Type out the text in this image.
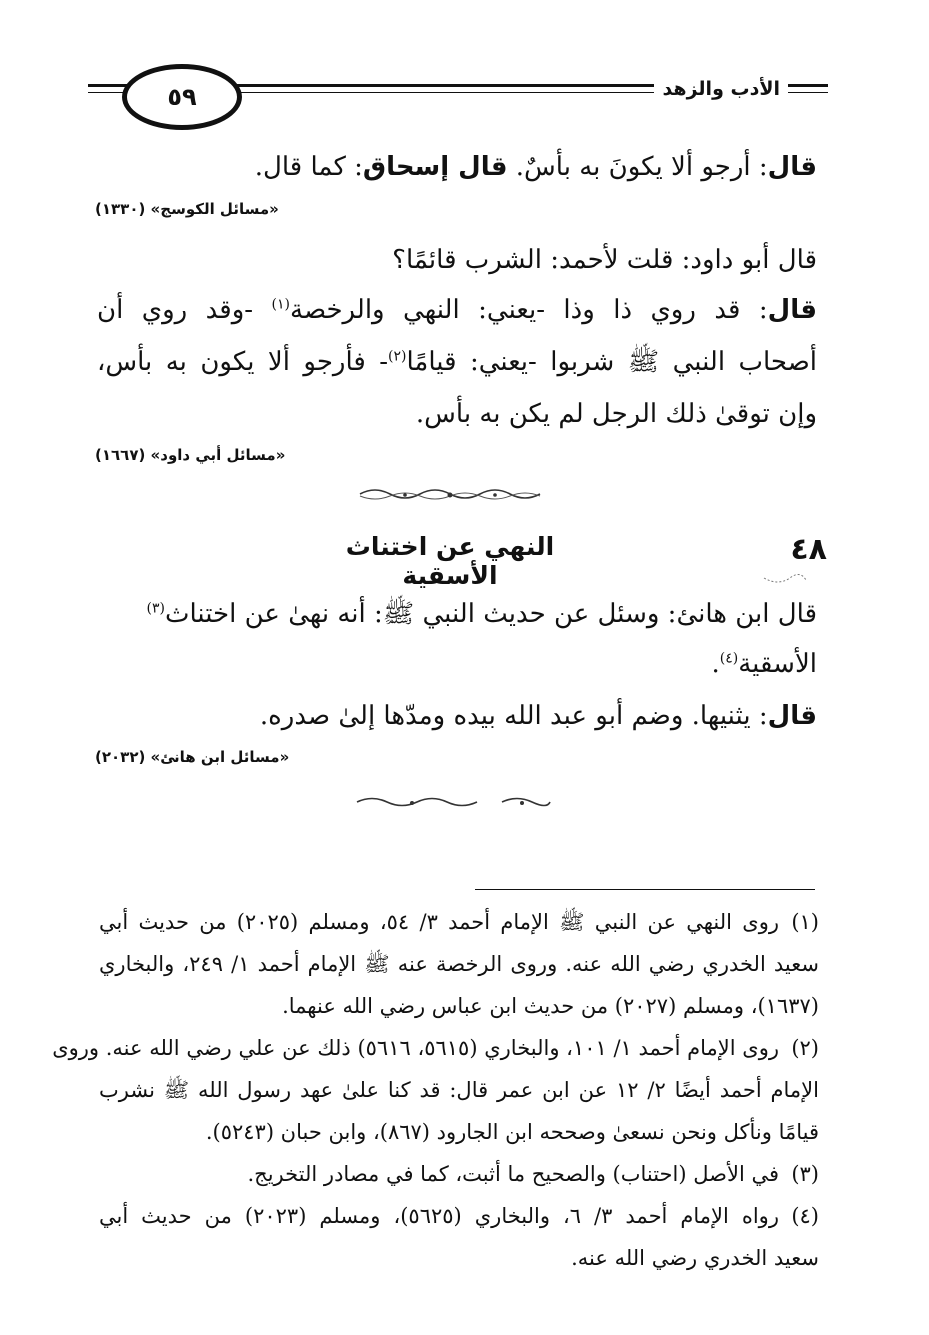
٥٩	الأدب والزهد
قال: أرجو ألا يكونَ به بأسٌ. قال إسحاق: كما قال.
«مسائل الكوسج» (١٣٣٠)
قال أبو داود: قلت لأحمد: الشرب قائمًا؟
قال: قد روي ذا وذا -يعني: النهي والرخصة$^{(١)}$ -وقد روي أن
أصحاب النبي ﷺ شربوا -يعني: قيامًا$^{(٢)}$- فأرجو ألا يكون به بأس،
وإن توقىٰ ذلك الرجل لم يكن به بأس.
«مسائل أبي داود» (١٦٦٧)
٤٨
النهي عن اختناث الأسقية
قال ابن هانئ: وسئل عن حديث النبي ﷺ: أنه نهىٰ عن اختناث$^{(٣)}$
الأسقية$^{(٤)}$.
قال: يثنيها. وضم أبو عبد الله بيده ومدّها إلىٰ صدره.
«مسائل ابن هانئ» (٢٠٣٢)
(١)
روى النهي عن النبي ﷺ الإمام أحمد ٣/ ٥٤، ومسلم (٢٠٢٥) من حديث أبي
سعيد الخدري رضي الله عنه. وروى الرخصة عنه ﷺ الإمام أحمد ١/ ٢٤٩، والبخاري
(١٦٣٧)، ومسلم (٢٠٢٧) من حديث ابن عباس رضي الله عنهما.
(٢)
روى الإمام أحمد ١/ ١٠١، والبخاري (٥٦١٥، ٥٦١٦) ذلك عن علي رضي الله عنه. وروى
الإمام أحمد أيضًا ٢/ ١٢ عن ابن عمر قال: قد كنا علىٰ عهد رسول الله ﷺ نشرب
قيامًا ونأكل ونحن نسعىٰ وصححه ابن الجارود (٨٦٧)، وابن حبان (٥٢٤٣).
(٣)
في الأصل (احتناب) والصحيح ما أثبت، كما في مصادر التخريج.
(٤)
رواه الإمام أحمد ٣/ ٦، والبخاري (٥٦٢٥)، ومسلم (٢٠٢٣) من حديث أبي
سعيد الخدري رضي الله عنه.
